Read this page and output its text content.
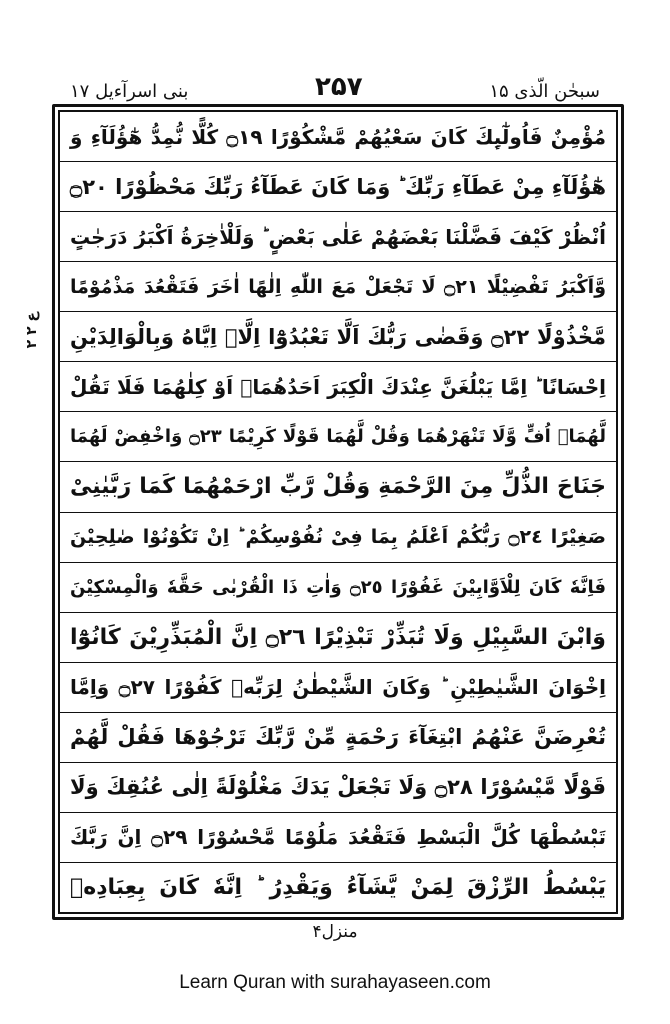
سبحٰن الّذی ۱۵
۲۵۷
بنی اسرآءیل ۱۷
ع ۲ ۲
مُؤْمِنٌ فَاُولٰٓىِٕكَ كَانَ سَعْیُهُمْ مَّشْكُوْرًا ۝١٩ كُلًّا نُّمِدُّ هٰٓؤُلَآءِ وَ
هٰٓؤُلَآءِ مِنْ عَطَآءِ رَبِّكَ ؕ وَمَا كَانَ عَطَآءُ رَبِّكَ مَحْظُوْرًا ۝٢٠
اُنْظُرْ كَیْفَ فَضَّلْنَا بَعْضَهُمْ عَلٰى بَعْضٍ ؕ وَلَلْاٰخِرَةُ اَكْبَرُ دَرَجٰتٍ
وَّاَكْبَرُ تَفْضِیْلًا ۝٢١ لَا تَجْعَلْ مَعَ اللّٰهِ اِلٰهًا اٰخَرَ فَتَقْعُدَ مَذْمُوْمًا
مَّخْذُوْلًا ۝٢٢ وَقَضٰى رَبُّكَ اَلَّا تَعْبُدُوْٓا اِلَّاۤ اِیَّاهُ وَبِالْوَالِدَیْنِ
اِحْسَانًا ؕ اِمَّا یَبْلُغَنَّ عِنْدَكَ الْكِبَرَ اَحَدُهُمَاۤ اَوْ كِلٰهُمَا فَلَا تَقُلْ
لَّهُمَاۤ اُفٍّ وَّلَا تَنْهَرْهُمَا وَقُلْ لَّهُمَا قَوْلًا كَرِیْمًا ۝٢٣ وَاخْفِضْ لَهُمَا
جَنَاحَ الذُّلِّ مِنَ الرَّحْمَةِ وَقُلْ رَّبِّ ارْحَمْهُمَا كَمَا رَبَّیٰنِیْ
صَغِیْرًا ۝٢٤ رَبُّكُمْ اَعْلَمُ بِمَا فِیْ نُفُوْسِكُمْ ؕ اِنْ تَكُوْنُوْا صٰلِحِیْنَ
فَاِنَّهٗ كَانَ لِلْاَوَّابِیْنَ غَفُوْرًا ۝٢٥ وَاٰتِ ذَا الْقُرْبٰى حَقَّهٗ وَالْمِسْكِیْنَ
وَابْنَ السَّبِیْلِ وَلَا تُبَذِّرْ تَبْذِیْرًا ۝٢٦ اِنَّ الْمُبَذِّرِیْنَ كَانُوْٓا
اِخْوَانَ الشَّیٰطِیْنِ ؕ وَكَانَ الشَّیْطٰنُ لِرَبِّهٖ كَفُوْرًا ۝٢٧ وَاِمَّا
تُعْرِضَنَّ عَنْهُمُ ابْتِغَآءَ رَحْمَةٍ مِّنْ رَّبِّكَ تَرْجُوْهَا فَقُلْ لَّهُمْ
قَوْلًا مَّیْسُوْرًا ۝٢٨ وَلَا تَجْعَلْ یَدَكَ مَغْلُوْلَةً اِلٰى عُنُقِكَ وَلَا
تَبْسُطْهَا كُلَّ الْبَسْطِ فَتَقْعُدَ مَلُوْمًا مَّحْسُوْرًا ۝٢٩ اِنَّ رَبَّكَ
یَبْسُطُ الرِّزْقَ لِمَنْ یَّشَآءُ وَیَقْدِرُ ؕ اِنَّهٗ كَانَ بِعِبَادِهٖ
منزل۴
Learn Quran with surahayaseen.com
